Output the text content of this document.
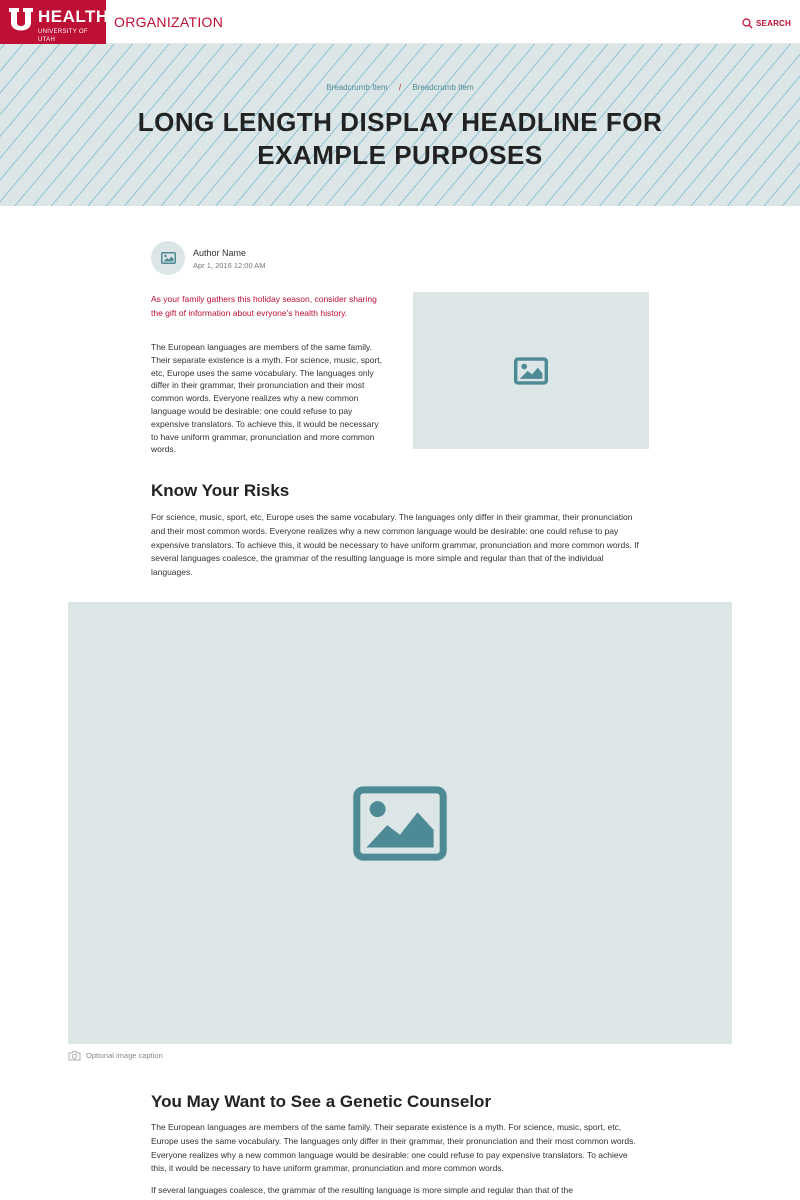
HEALTH
UNIVERSITY OF UTAH
ORGANIZATION	SEARCH
Breadcrumb Item / Breadcrumb Item
LONG LENGTH DISPLAY HEADLINE FOR EXAMPLE PURPOSES
Author Name
Apr 1, 2016 12:00 AM

As your family gathers this holiday season, consider sharing the gift of information about evryone's health history.

The European languages are members of the same family. Their separate existence is a myth. For science, music, sport, etc, Europe uses the same vocabulary. The languages only differ in their grammar, their pronunciation and their most common words. Everyone realizes why a new common language would be desirable: one could refuse to pay expensive translators. To achieve this, it would be necessary to have uniform grammar, pronunciation and more common words.

Know Your Risks

For science, music, sport, etc, Europe uses the same vocabulary. The languages only differ in their grammar, their pronunciation and their most common words. Everyone realizes why a new common language would be desirable: one could refuse to pay expensive translators. To achieve this, it would be necessary to have uniform grammar, pronunciation and more common words. If several languages coalesce, the grammar of the resulting language is more simple and regular than that of the individual languages.

Optional image caption
You May Want to See a Genetic Counselor

The European languages are members of the same family. Their separate existence is a myth. For science, music, sport, etc, Europe uses the same vocabulary. The languages only differ in their grammar, their pronunciation and their most common words. Everyone realizes why a new common language would be desirable: one could refuse to pay expensive translators. To achieve this, it would be necessary to have uniform grammar, pronunciation and more common words.

If several languages coalesce, the grammar of the resulting language is more simple and regular than that of the
